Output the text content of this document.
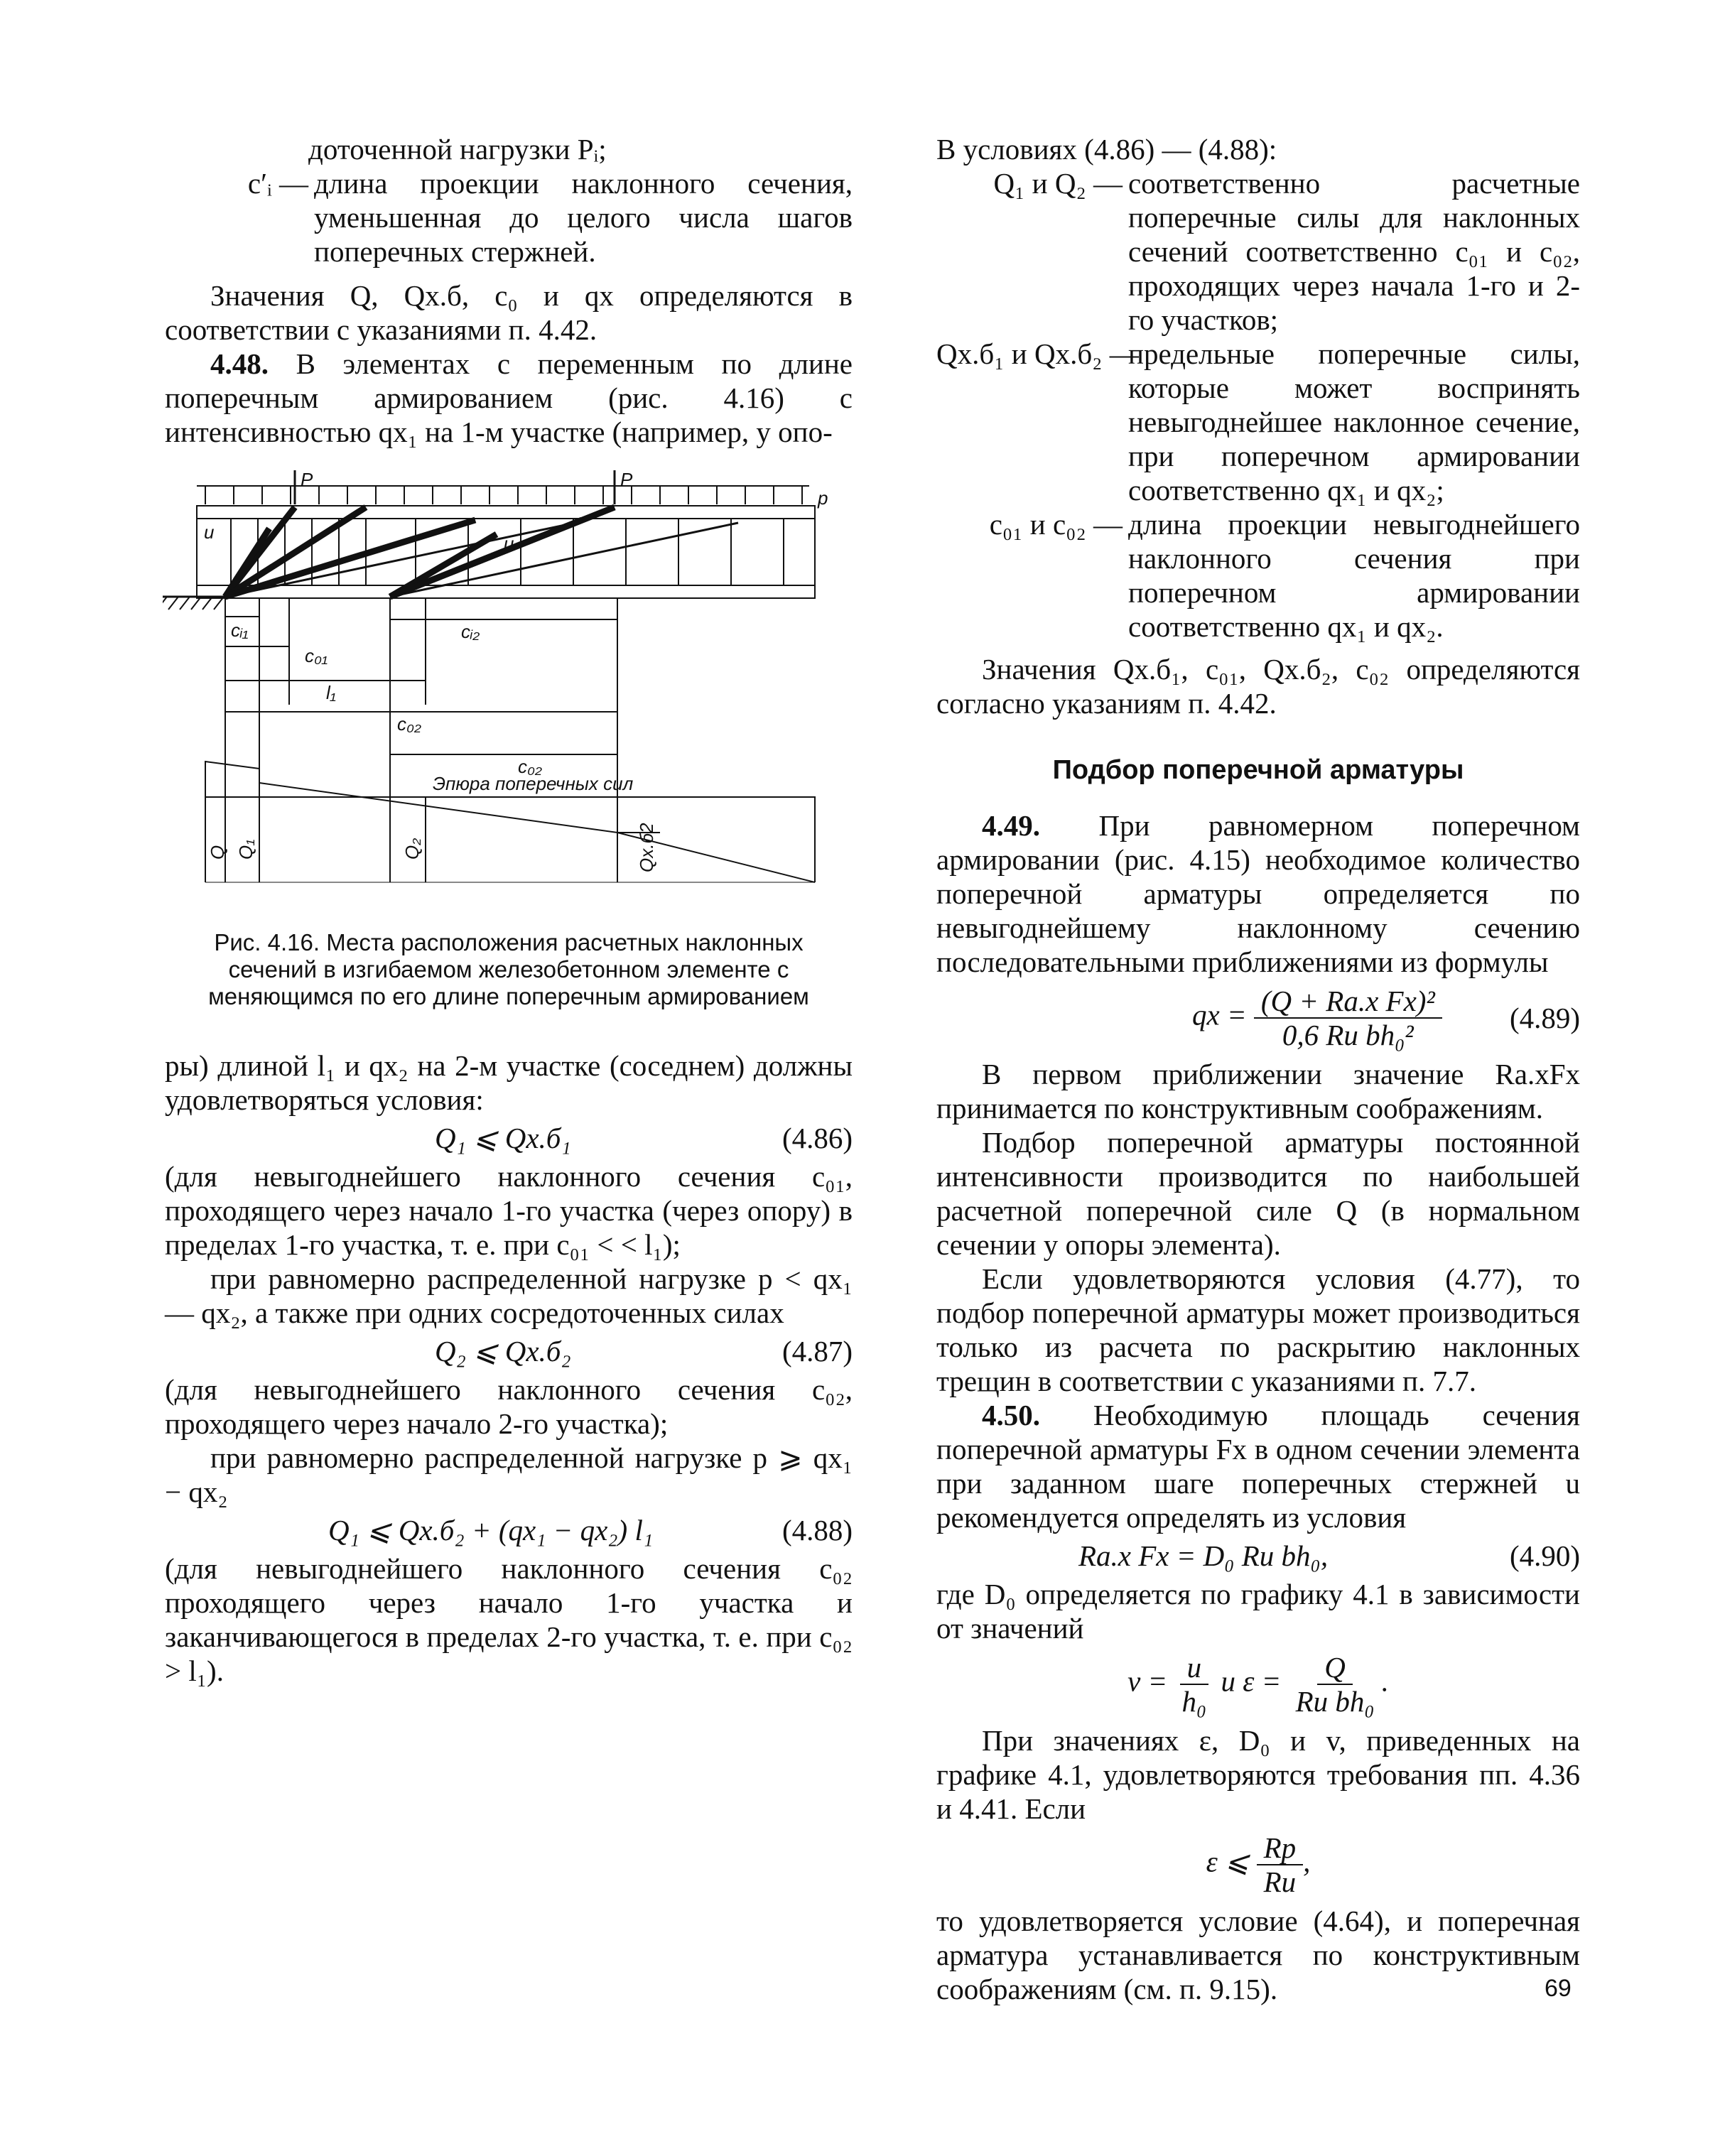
доточенной нагрузки Pᵢ;

c′ᵢ — длина проекции наклонного сечения, уменьшенная до целого числа шагов поперечных стержней.

Значения Q, Qх.б, c₀ и qх определяются в соответствии с указаниями п. 4.42.

4.48. В элементах с переменным по длине поперечным армированием (рис. 4.16) с интенсивностью qх₁ на 1-м участке (например, у опо-

P	P
p
u
u
cᵢ₁
c₀₁
l₁
cᵢ₂
c₀₂
c₀₂
Эпюра поперечных сил
Q Q₁	Q₂	Qх.б2

Рис. 4.16. Места расположения расчетных наклонных сечений в изгибаемом железобетонном элементе с меняющимся по его длине поперечным армированием

ры) длиной l₁ и qх₂ на 2-м участке (соседнем) должны удовлетворяться условия:

Q₁ ⩽ Qх.б₁	(4.86)

(для невыгоднейшего наклонного сечения c₀₁, проходящего через начало 1-го участка (через опору) в пределах 1-го участка, т. е. при c₀₁ < < l₁);

при равномерно распределенной нагрузке p < qх₁ — qх₂, а также при одних сосредоточенных силах

Q₂ ⩽ Qх.б₂	(4.87)

(для невыгоднейшего наклонного сечения c₀₂, проходящего через начало 2-го участка);

при равномерно распределенной нагрузке p ⩾ qх₁ − qх₂

Q₁ ⩽ Qх.б₂ + (qх₁ − qх₂) l₁	(4.88)

(для невыгоднейшего наклонного сечения c₀₂ проходящего через начало 1-го участка и заканчивающегося в пределах 2-го участка, т. е. при c₀₂ > l₁).

В условиях (4.86) — (4.88):

Q₁ и Q₂ — соответственно расчетные поперечные силы для наклонных сечений соответственно c₀₁ и c₀₂, проходящих через начала 1-го и 2-го участков;
Qх.б₁ и Qх.б₂ —
предельные поперечные силы, которые может воспринять невыгоднейшее наклонное сечение, при поперечном армировании соответственно qх₁ и qх₂;
c₀₁ и c₀₂ — длина проекции невыгоднейшего наклонного сечения при поперечном армировании соответственно qх₁ и qх₂.

Значения Qх.б₁, c₀₁, Qх.б₂, c₀₂ определяются согласно указаниям п. 4.42.

Подбор поперечной арматуры

4.49. При равномерном поперечном армировании (рис. 4.15) необходимое количество поперечной арматуры определяется по невыгоднейшему наклонному сечению последовательными приближениями из формулы

qх = $\frac{\text{(Q + Rа.х Fх)²}}{\text{0,6 Rи bh₀²}} (4.89)$

В первом приближении значение Rа.хFх принимается по конструктивным соображениям.

Подбор поперечной арматуры постоянной интенсивности производится по наибольшей расчетной поперечной силе Q (в нормальном сечении у опоры элемента).

Если удовлетворяются условия (4.77), то подбор поперечной арматуры может производиться только из расчета по раскрытию наклонных трещин в соответствии с указаниями п. 7.7.

4.50. Необходимую площадь сечения поперечной арматуры Fх в одном сечении элемента при заданном шаге поперечных стержней u рекомендуется определять из условия

Rа.х Fх = D₀ Rи bh₀,	(4.90)

где D₀ определяется по графику 4.1 в зависимости от значений

$v = \frac{u}{\text{h₀}}$ и $\varepsilon = \frac{Q}{\text{Rи bh₀}}$ .

При значениях ε, D₀ и v, приведенных на графике 4.1, удовлетворяются требования пп. 4.36 и 4.41. Если

ε ⩽ $\frac{Rр}{Rи}$ ,

то удовлетворяется условие (4.64), и поперечная арматура устанавливается по конструктивным соображениям (см. п. 9.15).	69
